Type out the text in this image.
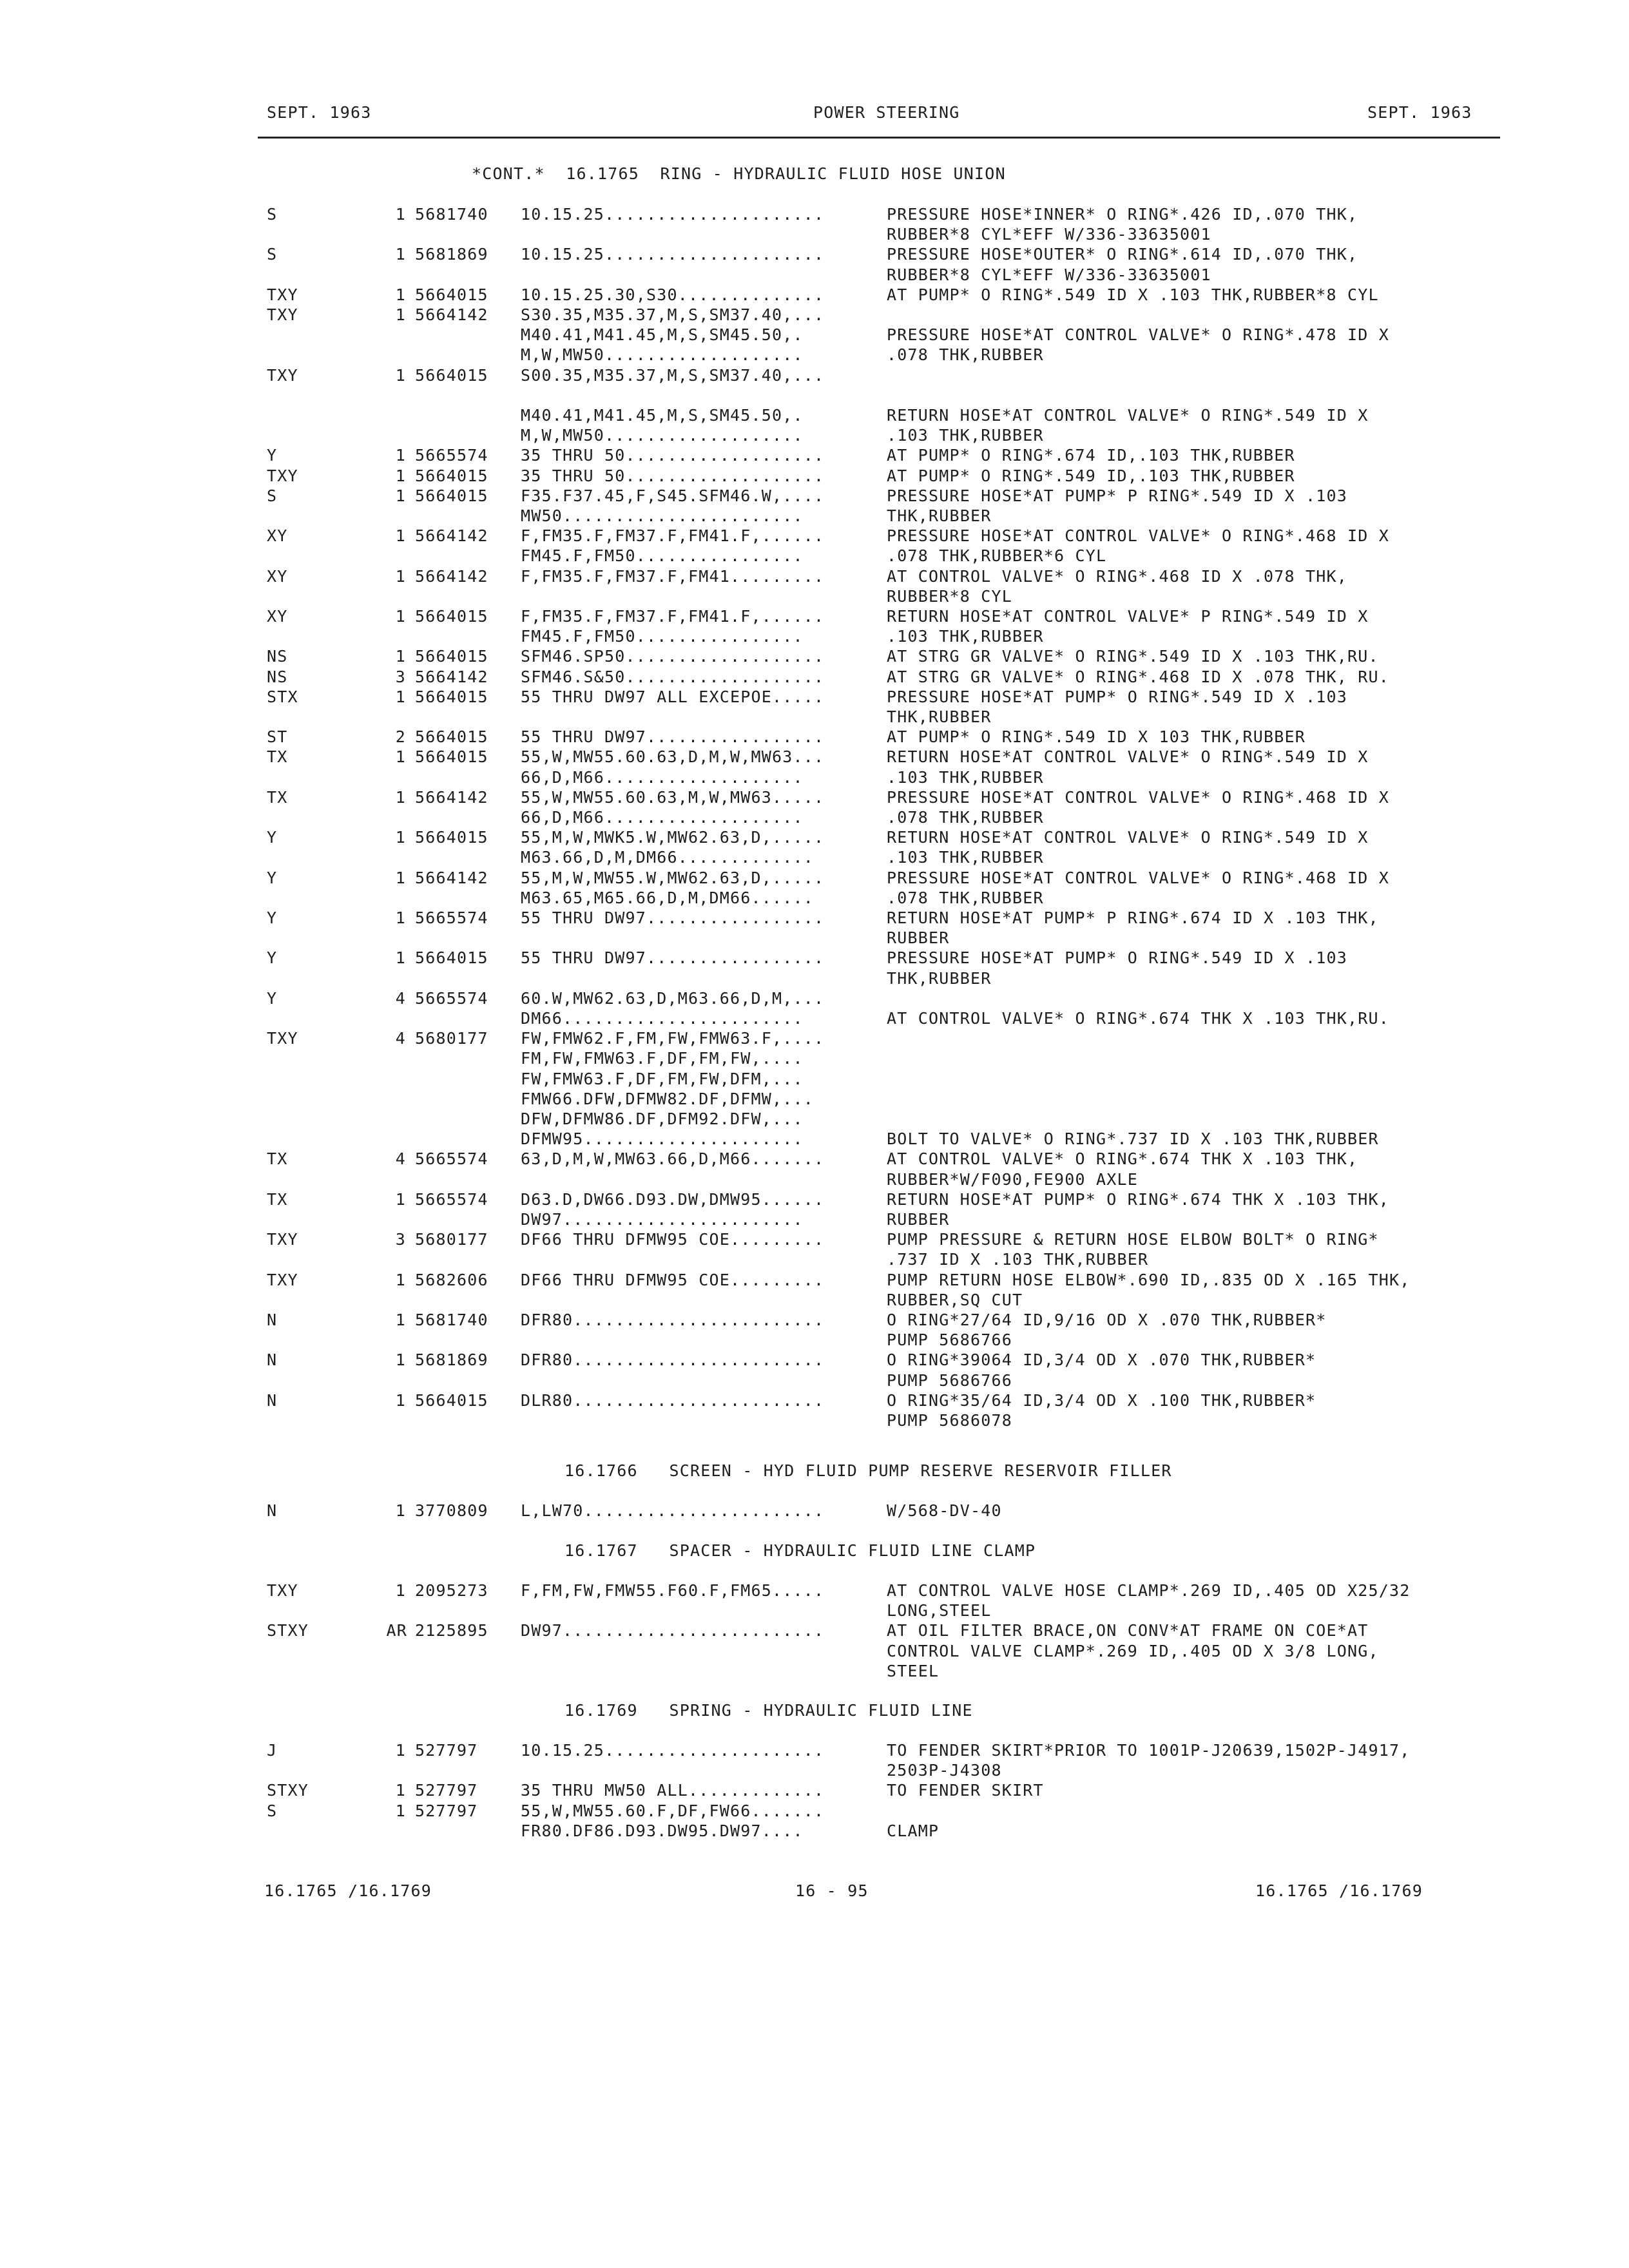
SEPT. 1963	POWER STEERING	SEPT. 1963
*CONT.*  16.1765  RING - HYDRAULIC FLUID HOSE UNION
S	1 5681740 10.15.25.....................	PRESSURE HOSE*INNER* O RING*.426 ID,.070 THK,
RUBBER*8 CYL*EFF W/336-33635001
S	1 5681869 10.15.25.....................	PRESSURE HOSE*OUTER* O RING*.614 ID,.070 THK,
RUBBER*8 CYL*EFF W/336-33635001
TXY	1 5664015 10.15.25.30,S30..............	AT PUMP* O RING*.549 ID X .103 THK,RUBBER*8 CYL
TXY	1 5664142 S30.35,M35.37,M,S,SM37.40,...
M40.41,M41.45,M,S,SM45.50,.	PRESSURE HOSE*AT CONTROL VALVE* O RING*.478 ID X
M,W,MW50...................	.078 THK,RUBBER
TXY	1 5664015 S00.35,M35.37,M,S,SM37.40,...
M40.41,M41.45,M,S,SM45.50,.	RETURN HOSE*AT CONTROL VALVE* O RING*.549 ID X
M,W,MW50...................	.103 THK,RUBBER
Y	1 5665574 35 THRU 50...................	AT PUMP* O RING*.674 ID,.103 THK,RUBBER
TXY	1 5664015 35 THRU 50...................	AT PUMP* O RING*.549 ID,.103 THK,RUBBER
S	1 5664015 F35.F37.45,F,S45.SFM46.W,....	PRESSURE HOSE*AT PUMP* P RING*.549 ID X .103
MW50.......................	THK,RUBBER
XY	1 5664142 F,FM35.F,FM37.F,FM41.F,......	PRESSURE HOSE*AT CONTROL VALVE* O RING*.468 ID X
FM45.F,FM50................	.078 THK,RUBBER*6 CYL
XY	1 5664142 F,FM35.F,FM37.F,FM41.........	AT CONTROL VALVE* O RING*.468 ID X .078 THK,
RUBBER*8 CYL
XY	1 5664015 F,FM35.F,FM37.F,FM41.F,......	RETURN HOSE*AT CONTROL VALVE* P RING*.549 ID X
FM45.F,FM50................	.103 THK,RUBBER
NS	1 5664015 SFM46.SP50...................	AT STRG GR VALVE* O RING*.549 ID X .103 THK,RU.
NS	3 5664142 SFM46.S&50...................	AT STRG GR VALVE* O RING*.468 ID X .078 THK, RU.
STX	1 5664015 55 THRU DW97 ALL EXCEPOE.....	PRESSURE HOSE*AT PUMP* O RING*.549 ID X .103
THK,RUBBER
ST	2 5664015 55 THRU DW97.................	AT PUMP* O RING*.549 ID X 103 THK,RUBBER
TX	1 5664015 55,W,MW55.60.63,D,M,W,MW63...	RETURN HOSE*AT CONTROL VALVE* O RING*.549 ID X
66,D,M66...................	.103 THK,RUBBER
TX	1 5664142 55,W,MW55.60.63,M,W,MW63.....	PRESSURE HOSE*AT CONTROL VALVE* O RING*.468 ID X
66,D,M66...................	.078 THK,RUBBER
Y	1 5664015 55,M,W,MWK5.W,MW62.63,D,.....	RETURN HOSE*AT CONTROL VALVE* O RING*.549 ID X
M63.66,D,M,DM66.............	.103 THK,RUBBER
Y	1 5664142 55,M,W,MW55.W,MW62.63,D,.....	PRESSURE HOSE*AT CONTROL VALVE* O RING*.468 ID X
M63.65,M65.66,D,M,DM66......	.078 THK,RUBBER
Y	1 5665574 55 THRU DW97.................	RETURN HOSE*AT PUMP* P RING*.674 ID X .103 THK,
RUBBER
Y	1 5664015 55 THRU DW97.................	PRESSURE HOSE*AT PUMP* O RING*.549 ID X .103
THK,RUBBER
Y	4 5665574 60.W,MW62.63,D,M63.66,D,M,...
DM66.......................	AT CONTROL VALVE* O RING*.674 THK X .103 THK,RU.
TXY	4 5680177 FW,FMW62.F,FM,FW,FMW63.F,....
FM,FW,FMW63.F,DF,FM,FW,....
FW,FMW63.F,DF,FM,FW,DFM,...
FMW66.DFW,DFMW82.DF,DFMW,...
DFW,DFMW86.DF,DFM92.DFW,...
DFMW95.....................	BOLT TO VALVE* O RING*.737 ID X .103 THK,RUBBER
TX	4 5665574 63,D,M,W,MW63.66,D,M66.......	AT CONTROL VALVE* O RING*.674 THK X .103 THK,
RUBBER*W/F090,FE900 AXLE
TX	1 5665574 D63.D,DW66.D93.DW,DMW95......	RETURN HOSE*AT PUMP* O RING*.674 THK X .103 THK,
DW97.......................	RUBBER
TXY	3 5680177 DF66 THRU DFMW95 COE.........	PUMP PRESSURE & RETURN HOSE ELBOW BOLT* O RING*
.737 ID X .103 THK,RUBBER
TXY	1 5682606 DF66 THRU DFMW95 COE.........	PUMP RETURN HOSE ELBOW*.690 ID,.835 OD X .165 THK,
RUBBER,SQ CUT
N	1 5681740 DFR80........................	O RING*27/64 ID,9/16 OD X .070 THK,RUBBER*
PUMP 5686766
N	1 5681869 DFR80........................	O RING*39064 ID,3/4 OD X .070 THK,RUBBER*
PUMP 5686766
N	1 5664015 DLR80........................	O RING*35/64 ID,3/4 OD X .100 THK,RUBBER*
PUMP 5686078
16.1766   SCREEN - HYD FLUID PUMP RESERVE RESERVOIR FILLER
N	1 3770809 L,LW70.......................	W/568-DV-40
16.1767   SPACER - HYDRAULIC FLUID LINE CLAMP
TXY	1 2095273 F,FM,FW,FMW55.F60.F,FM65.....	AT CONTROL VALVE HOSE CLAMP*.269 ID,.405 OD X25/32
LONG,STEEL
STXY	AR 2125895 DW97.........................	AT OIL FILTER BRACE,ON CONV*AT FRAME ON COE*AT
CONTROL VALVE CLAMP*.269 ID,.405 OD X 3/8 LONG,
STEEL
16.1769   SPRING - HYDRAULIC FLUID LINE
J	1 527797	10.15.25.....................	TO FENDER SKIRT*PRIOR TO 1001P-J20639,1502P-J4917,
2503P-J4308
STXY	1 527797	35 THRU MW50 ALL.............	TO FENDER SKIRT
S	1 527797	55,W,MW55.60.F,DF,FW66.......
FR80.DF86.D93.DW95.DW97....	CLAMP
16.1765 /16.1769	16 - 95	16.1765 /16.1769
